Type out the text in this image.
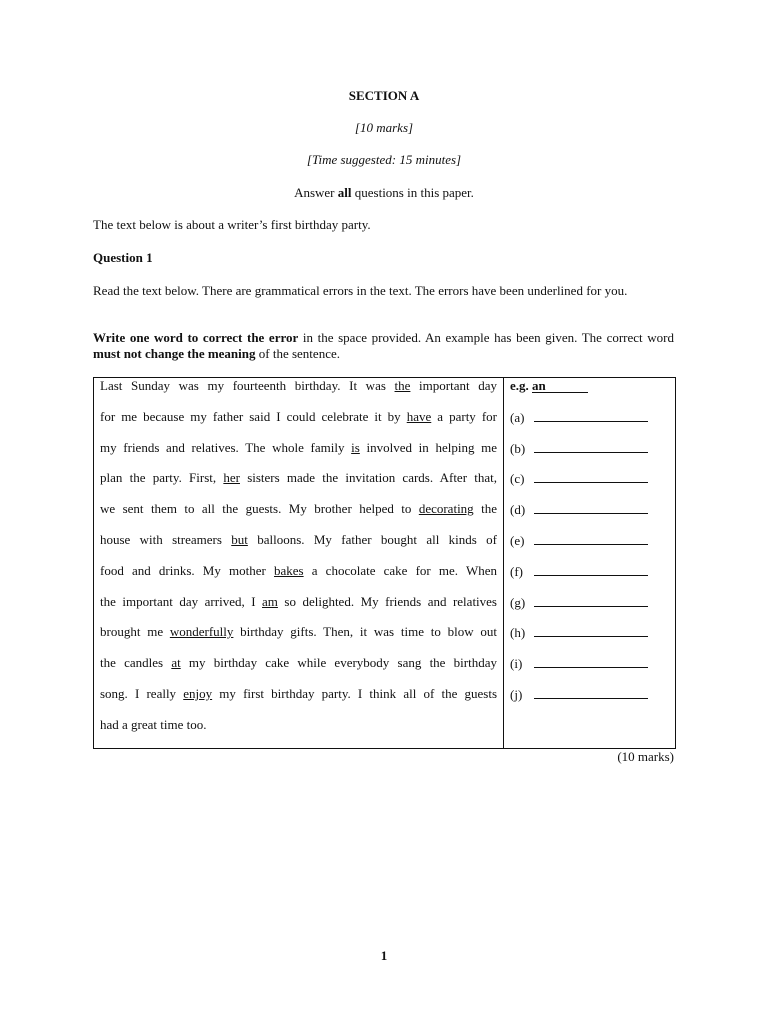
SECTION A
[10 marks]
[Time suggested: 15 minutes]
Answer all questions in this paper.
The text below is about a writer’s first birthday party.
Question 1
Read the text below. There are grammatical errors in the text. The errors have been underlined for you.
Write one word to correct the error in the space provided. An example has been given. The correct word must not change the meaning of the sentence.
Last Sunday was my fourteenth birthday. It was the important day
for me because my father said I could celebrate it by have a party for
my friends and relatives. The whole family is involved in helping me
plan the party. First, her sisters made the invitation cards. After that,
we sent them to all the guests. My brother helped to decorating the
house with streamers but balloons. My father bought all kinds of
food and drinks. My mother bakes a chocolate cake for me. When
the important day arrived, I am so delighted. My friends and relatives
brought me wonderfully birthday gifts. Then, it was time to blow out
the candles at my birthday cake while everybody sang the birthday
song. I really enjoy my first birthday party. I think all of the guests
had a great time too.

e.g. an
(a)
(b)
(c)
(d)
(e)
(f)
(g)
(h)
(i)
(j)
(10 marks)
1
